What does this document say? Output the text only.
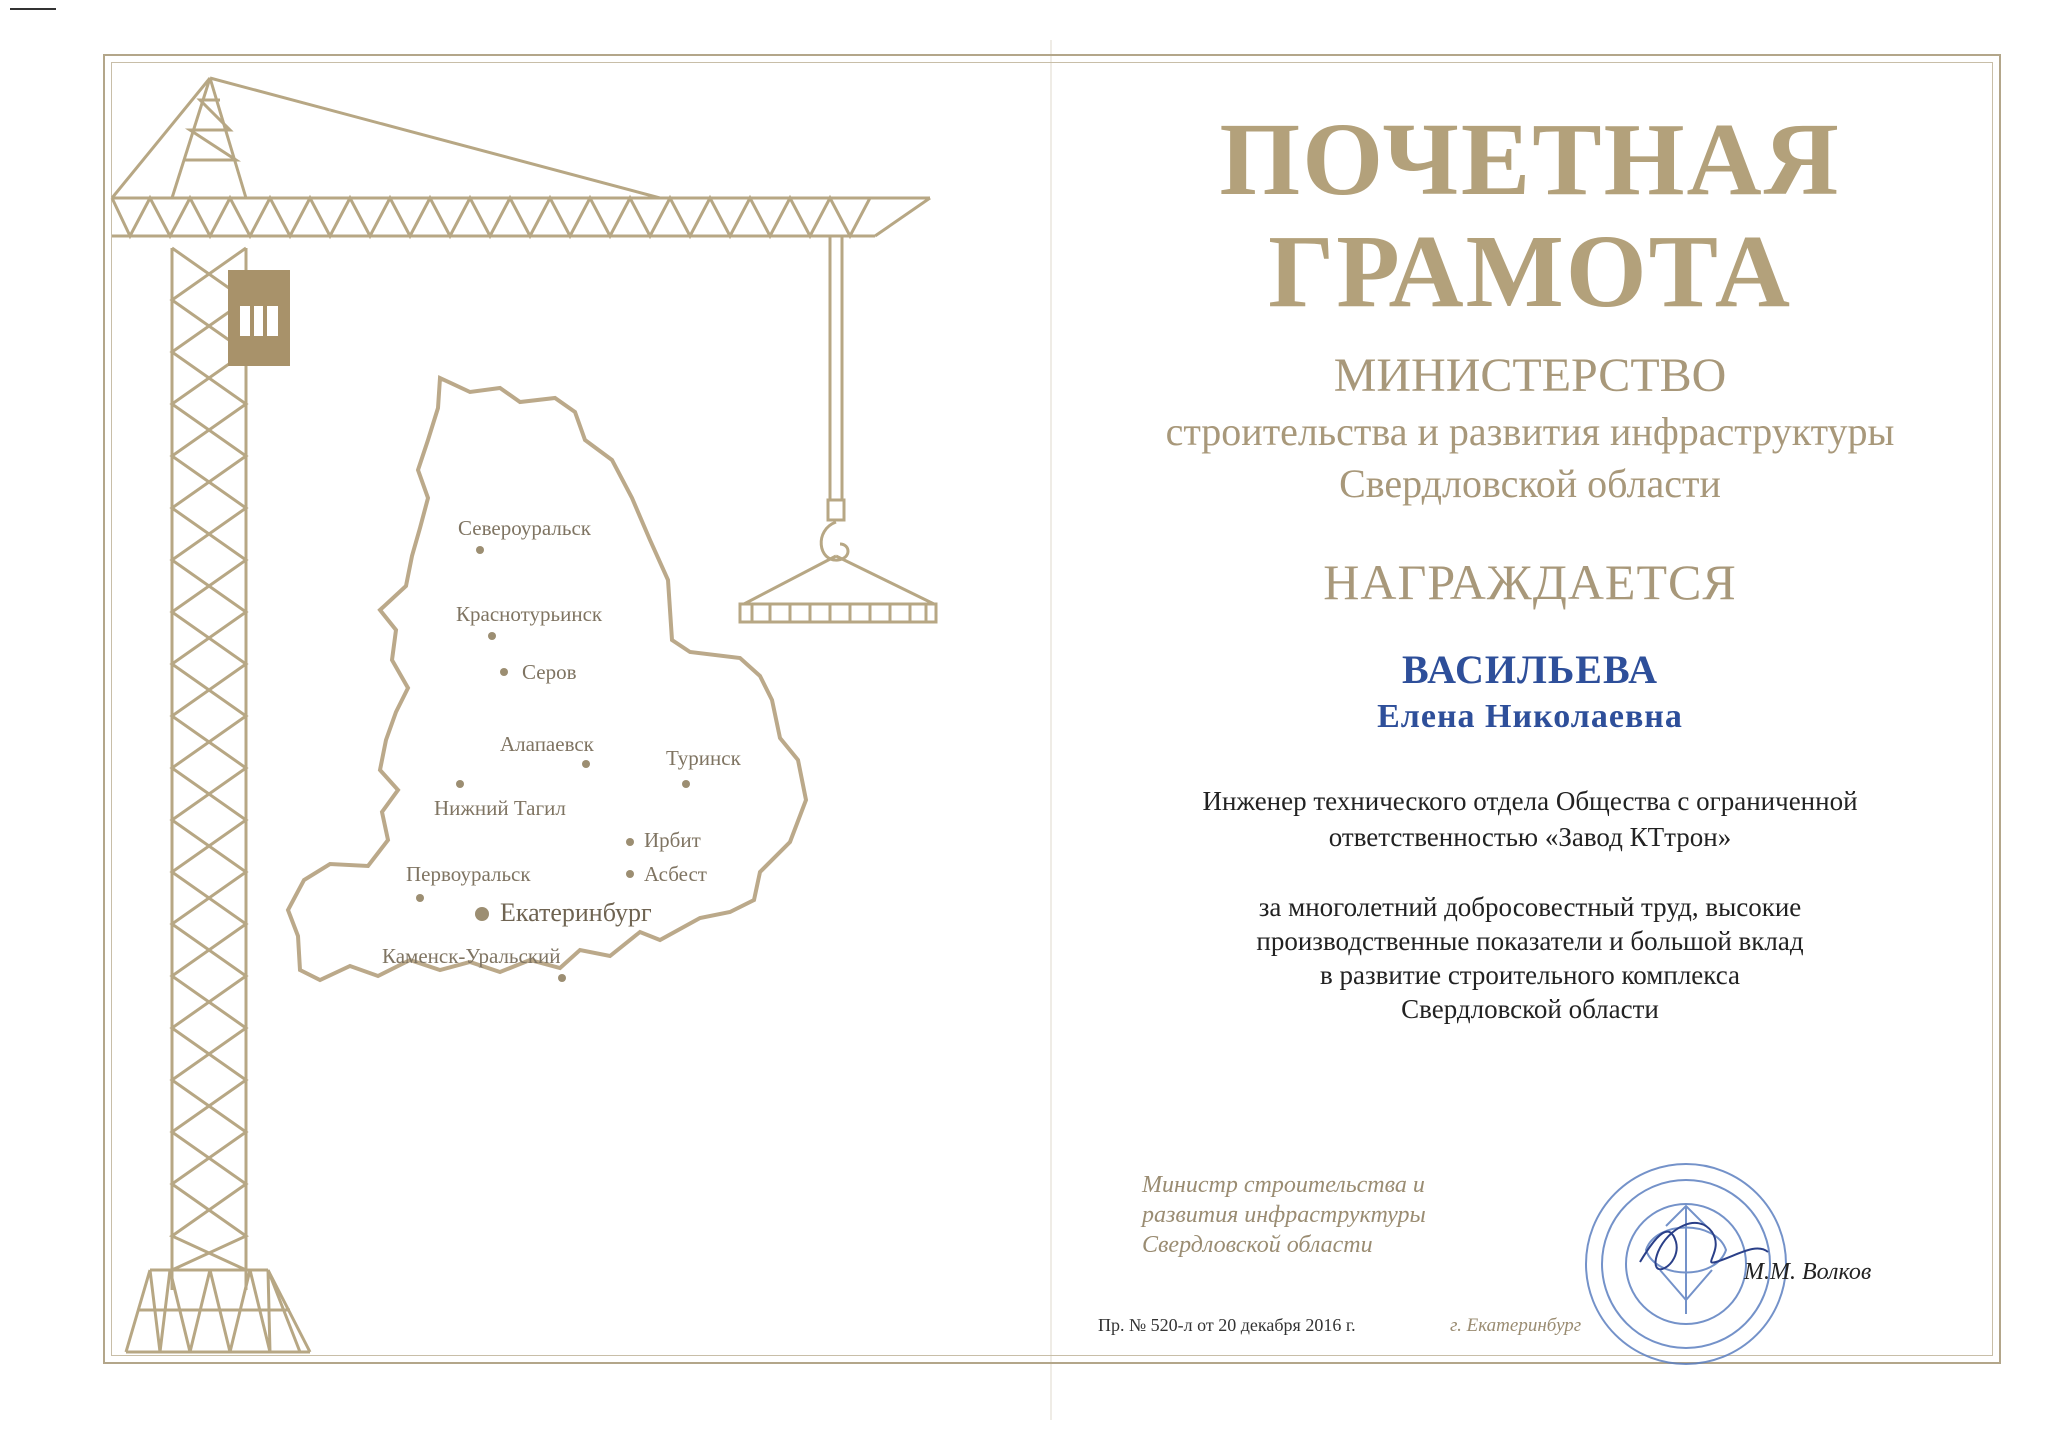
Североуральск
Краснотурьинск
Серов
Алапаевск
Туринск
Нижний Тагил
Ирбит
Асбест
Первоуральск
Екатеринбург
Каменск-Уральский
ПОЧЕТНАЯ
ГРАМОТА
МИНИСТЕРСТВО
строительства и развития инфраструктуры
Свердловской области
НАГРАЖДАЕТСЯ
ВАСИЛЬЕВА
Елена Николаевна
Инженер технического отдела Общества с ограниченной
ответственностью «Завод КТтрон»
за многолетний добросовестный труд, высокие
производственные показатели и большой вклад
в развитие строительного комплекса
Свердловской области
Министр строительства и
развития инфраструктуры
Свердловской области
М.М. Волков
Пр. № 520-л от 20 декабря 2016 г.	г. Екатеринбург
